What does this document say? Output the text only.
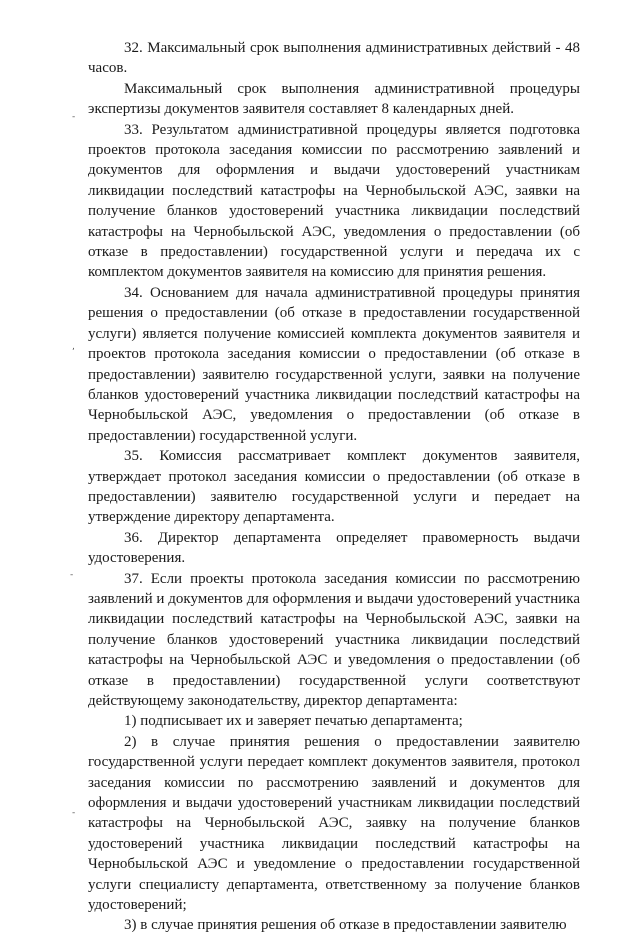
-
,
-
-

32. Максимальный срок выполнения административных действий - 48 часов.

Максимальный срок выполнения административной процедуры экспертизы документов заявителя составляет 8 календарных дней.

33. Результатом административной процедуры является подготовка проектов протокола заседания комиссии по рассмотрению заявлений и документов для оформления и выдачи удостоверений участникам ликвидации последствий катастрофы на Чернобыльской АЭС, заявки на получение бланков удостоверений участника ликвидации последствий катастрофы на Чернобыльской АЭС, уведомления о предоставлении (об отказе в предоставлении) государственной услуги и передача их с комплектом документов заявителя на комиссию для принятия решения.

34. Основанием для начала административной процедуры принятия решения о предоставлении (об отказе в предоставлении государственной услуги) является получение комиссией комплекта документов заявителя и проектов протокола заседания комиссии о предоставлении (об отказе в предоставлении) заявителю государственной услуги, заявки на получение бланков удостоверений участника ликвидации последствий катастрофы на Чернобыльской АЭС, уведомления о предоставлении (об отказе в предоставлении) государственной услуги.

35. Комиссия рассматривает комплект документов заявителя, утверждает протокол заседания комиссии о предоставлении (об отказе в предоставлении) заявителю государственной услуги и передает на утверждение директору департамента.

36. Директор департамента определяет правомерность выдачи удостоверения.

37. Если проекты протокола заседания комиссии по рассмотрению заявлений и документов для оформления и выдачи удостоверений участника ликвидации последствий катастрофы на Чернобыльской АЭС, заявки на получение бланков удостоверений участника ликвидации последствий катастрофы на Чернобыльской АЭС и уведомления о предоставлении (об отказе в предоставлении) государственной услуги соответствуют действующему законодательству, директор департамента:

1) подписывает их и заверяет печатью департамента;

2) в случае принятия решения о предоставлении заявителю государственной услуги передает комплект документов заявителя, протокол заседания комиссии по рассмотрению заявлений и документов для оформления и выдачи удостоверений участникам ликвидации последствий катастрофы на Чернобыльской АЭС, заявку на получение бланков удостоверений участника ликвидации последствий катастрофы на Чернобыльской АЭС и уведомление о предоставлении государственной услуги специалисту департамента, ответственному за получение бланков удостоверений;

3) в случае принятия решения об отказе в предоставлении заявителю
